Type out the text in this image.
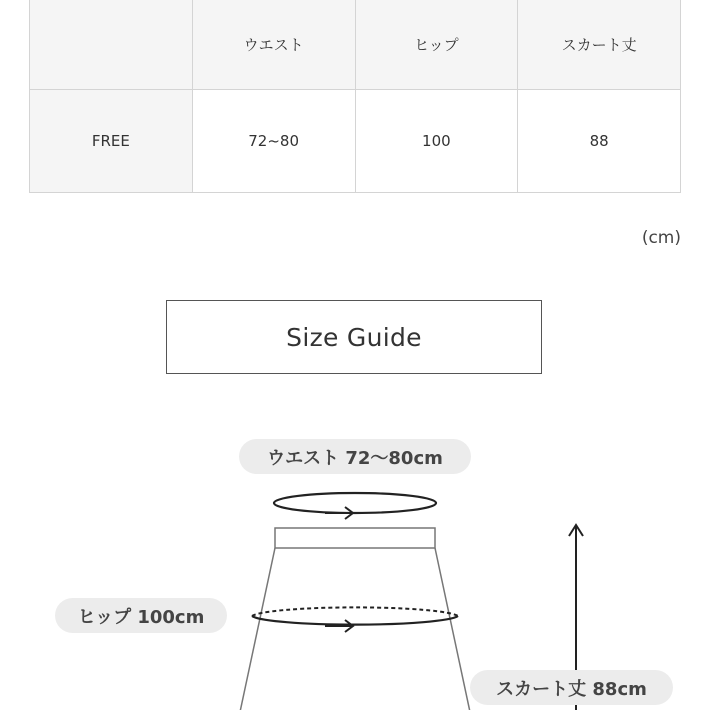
	ウエスト	ヒップ	スカート丈
FREE	72~80	100	88
(cm)
Size Guide
ウエスト 72〜80cm
ヒップ 100cm
スカート丈 88cm
